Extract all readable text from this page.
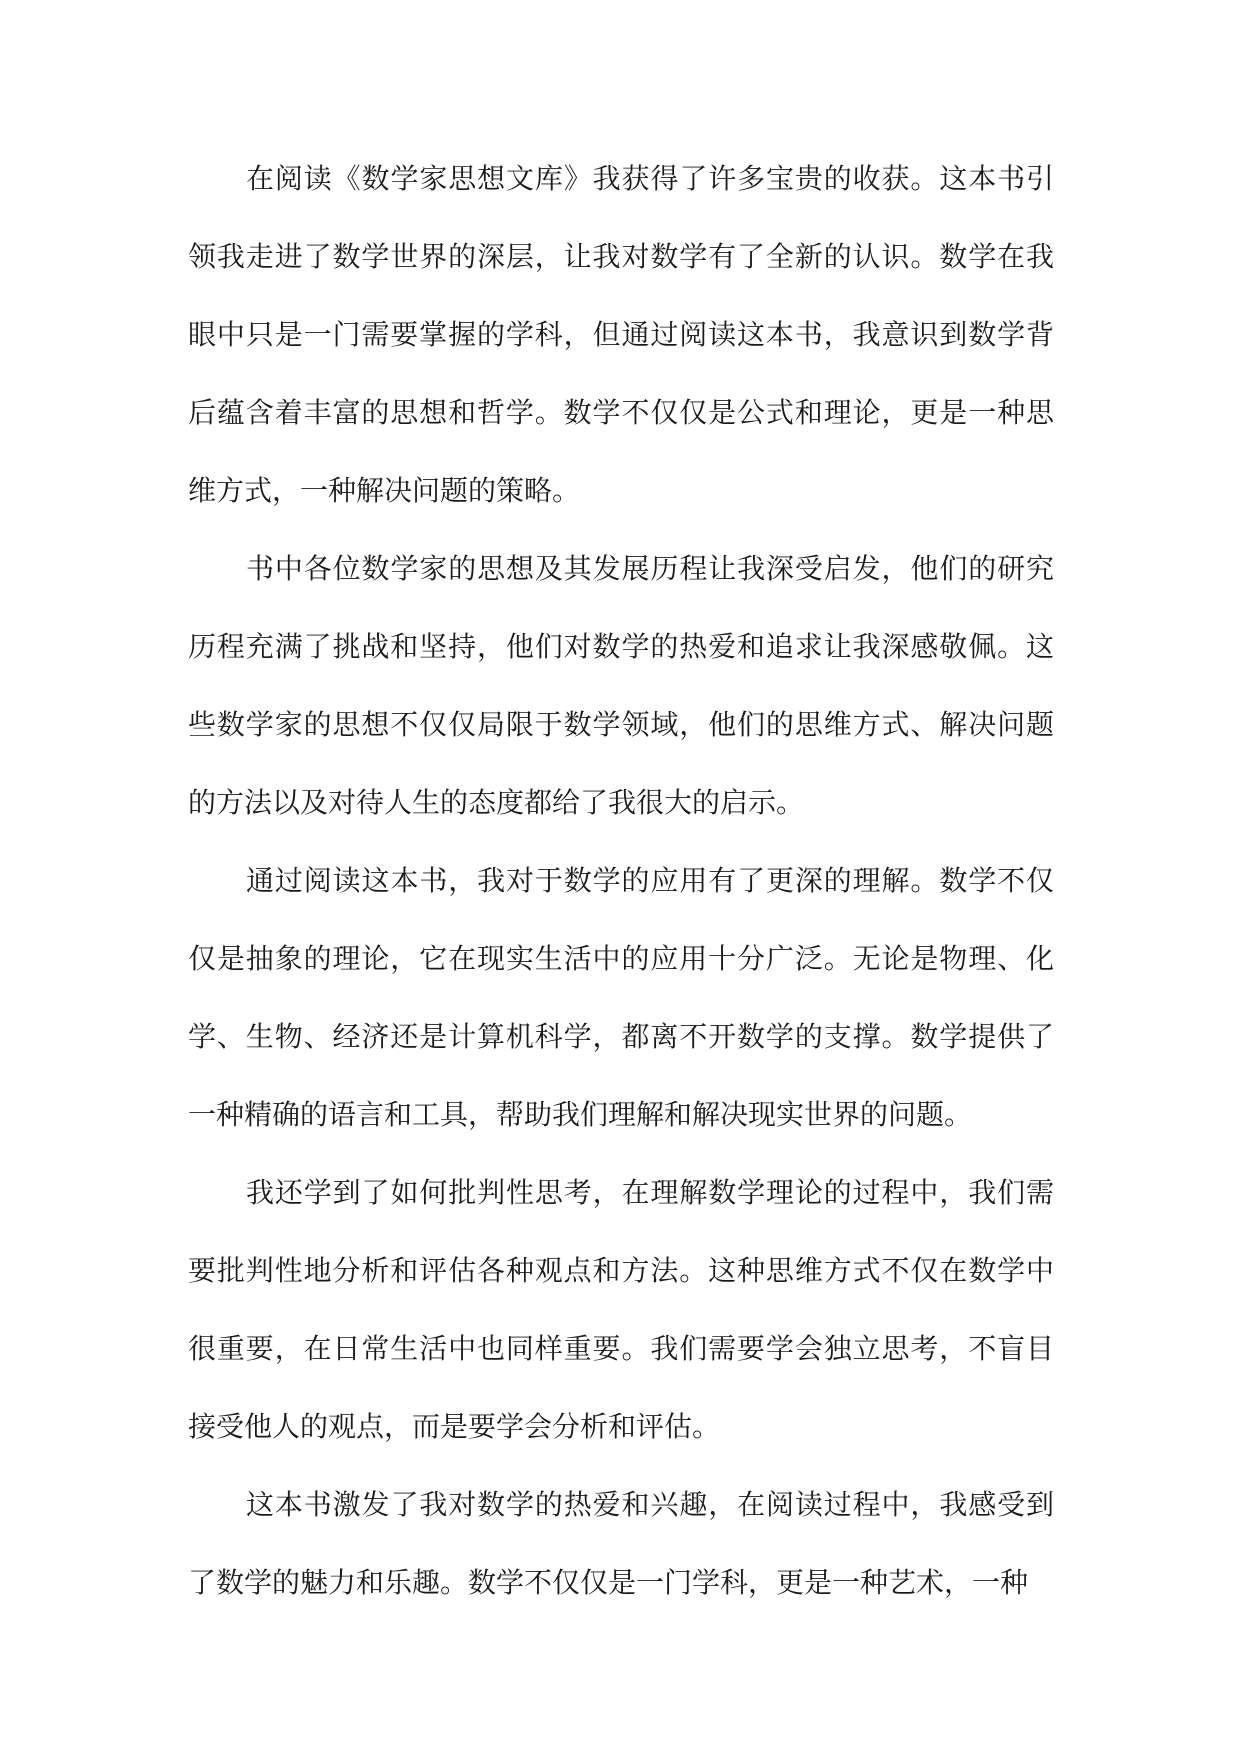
在阅读《数学家思想文库》我获得了许多宝贵的收获。这本书引领我走进了数学世界的深层，让我对数学有了全新的认识。数学在我眼中只是一门需要掌握的学科，但通过阅读这本书，我意识到数学背后蕴含着丰富的思想和哲学。数学不仅仅是公式和理论，更是一种思维方式，一种解决问题的策略。

书中各位数学家的思想及其发展历程让我深受启发，他们的研究历程充满了挑战和坚持，他们对数学的热爱和追求让我深感敬佩。这些数学家的思想不仅仅局限于数学领域，他们的思维方式、解决问题的方法以及对待人生的态度都给了我很大的启示。

通过阅读这本书，我对于数学的应用有了更深的理解。数学不仅仅是抽象的理论，它在现实生活中的应用十分广泛。无论是物理、化学、生物、经济还是计算机科学，都离不开数学的支撑。数学提供了一种精确的语言和工具，帮助我们理解和解决现实世界的问题。

我还学到了如何批判性思考，在理解数学理论的过程中，我们需要批判性地分析和评估各种观点和方法。这种思维方式不仅在数学中很重要，在日常生活中也同样重要。我们需要学会独立思考，不盲目接受他人的观点，而是要学会分析和评估。

这本书激发了我对数学的热爱和兴趣，在阅读过程中，我感受到了数学的魅力和乐趣。数学不仅仅是一门学科，更是一种艺术，一种
